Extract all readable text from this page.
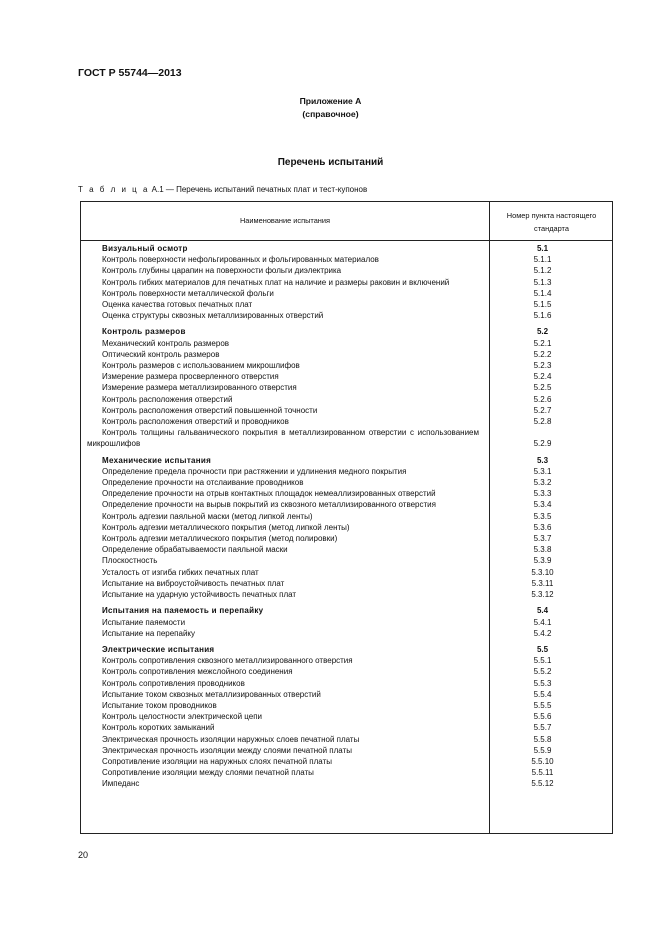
ГОСТ Р 55744—2013
Приложение А
(справочное)
Перечень испытаний
Т а б л и ц а А.1 — Перечень испытаний печатных плат и тест-купонов
Наименование испытания
Номер пункта настоящего стандарта
Визуальный осмотр	5.1
Контроль поверхности нефольгированных и фольгированных материалов	5.1.1
Контроль глубины царапин на поверхности фольги диэлектрика	5.1.2
Контроль гибких материалов для печатных плат на наличие и размеры раковин и включений	5.1.3
Контроль поверхности металлической фольги	5.1.4
Оценка качества готовых печатных плат	5.1.5
Оценка структуры сквозных металлизированных отверстий	5.1.6
Контроль размеров	5.2
Механический контроль размеров	5.2.1
Оптический контроль размеров	5.2.2
Контроль размеров с использованием микрошлифов	5.2.3
Измерение размера просверленного отверстия	5.2.4
Измерение размера металлизированного отверстия	5.2.5
Контроль расположения отверстий	5.2.6
Контроль расположения отверстий повышенной точности	5.2.7
Контроль расположения отверстий и проводников	5.2.8
Контроль толщины гальванического покрытия в металлизированном отверстии с использованием микрошлифов	5.2.9
Механические испытания	5.3
Определение предела прочности при растяжении и удлинения медного покрытия	5.3.1
Определение прочности на отслаивание проводников	5.3.2
Определение прочности на отрыв контактных площадок немеаллизированных отверстий	5.3.3
Определение прочности на вырыв покрытий из сквозного металлизированного отверстия	5.3.4
Контроль адгезии паяльной маски (метод липкой ленты)	5.3.5
Контроль адгезии металлического покрытия (метод липкой ленты)	5.3.6
Контроль адгезии металлического покрытия (метод полировки)	5.3.7
Определение обрабатываемости паяльной маски	5.3.8
Плоскостность	5.3.9
Усталость от изгиба гибких печатных плат	5.3.10
Испытание на виброустойчивость печатных плат	5.3.11
Испытание на ударную устойчивость печатных плат	5.3.12
Испытания на паяемость и перепайку	5.4
Испытание паяемости	5.4.1
Испытание на перепайку	5.4.2
Электрические испытания	5.5
Контроль сопротивления сквозного металлизированного отверстия	5.5.1
Контроль сопротивления межслойного соединения	5.5.2
Контроль сопротивления проводников	5.5.3
Испытание током сквозных металлизированных отверстий	5.5.4
Испытание током проводников	5.5.5
Контроль целостности электрической цепи	5.5.6
Контроль коротких замыканий	5.5.7
Электрическая прочность изоляции наружных слоев печатной платы	5.5.8
Электрическая прочность изоляции между слоями печатной платы	5.5.9
Сопротивление изоляции на наружных слоях печатной платы	5.5.10
Сопротивление изоляции между слоями печатной платы	5.5.11
Импеданс	5.5.12
20
